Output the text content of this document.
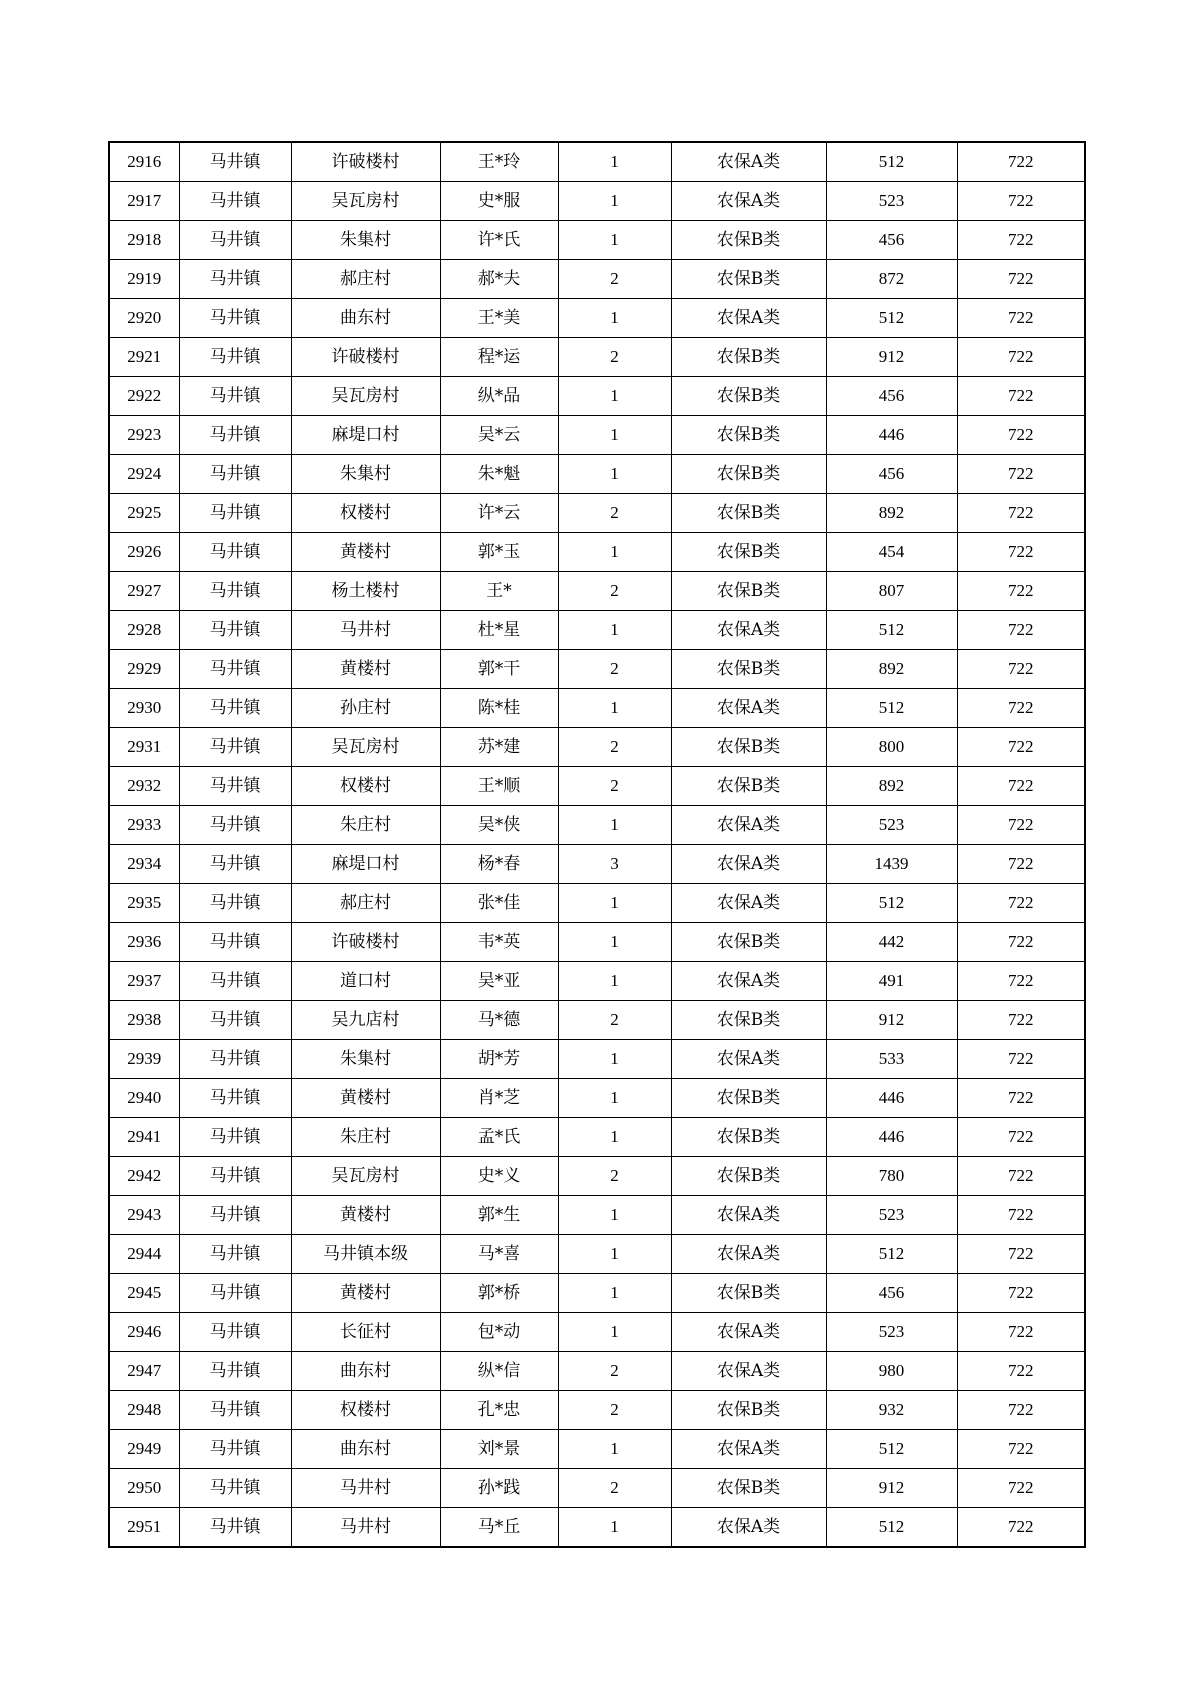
2916	马井镇	许破楼村	王*玲	1	农保A类	512	722
2917	马井镇	吴瓦房村	史*服	1	农保A类	523	722
2918	马井镇	朱集村	许*氏	1	农保B类	456	722
2919	马井镇	郝庄村	郝*夫	2	农保B类	872	722
2920	马井镇	曲东村	王*美	1	农保A类	512	722
2921	马井镇	许破楼村	程*运	2	农保B类	912	722
2922	马井镇	吴瓦房村	纵*品	1	农保B类	456	722
2923	马井镇	麻堤口村	吴*云	1	农保B类	446	722
2924	马井镇	朱集村	朱*魁	1	农保B类	456	722
2925	马井镇	权楼村	许*云	2	农保B类	892	722
2926	马井镇	黄楼村	郭*玉	1	农保B类	454	722
2927	马井镇	杨土楼村	王*	2	农保B类	807	722
2928	马井镇	马井村	杜*星	1	农保A类	512	722
2929	马井镇	黄楼村	郭*干	2	农保B类	892	722
2930	马井镇	孙庄村	陈*桂	1	农保A类	512	722
2931	马井镇	吴瓦房村	苏*建	2	农保B类	800	722
2932	马井镇	权楼村	王*顺	2	农保B类	892	722
2933	马井镇	朱庄村	吴*侠	1	农保A类	523	722
2934	马井镇	麻堤口村	杨*春	3	农保A类	1439	722
2935	马井镇	郝庄村	张*佳	1	农保A类	512	722
2936	马井镇	许破楼村	韦*英	1	农保B类	442	722
2937	马井镇	道口村	吴*亚	1	农保A类	491	722
2938	马井镇	吴九店村	马*德	2	农保B类	912	722
2939	马井镇	朱集村	胡*芳	1	农保A类	533	722
2940	马井镇	黄楼村	肖*芝	1	农保B类	446	722
2941	马井镇	朱庄村	孟*氏	1	农保B类	446	722
2942	马井镇	吴瓦房村	史*义	2	农保B类	780	722
2943	马井镇	黄楼村	郭*生	1	农保A类	523	722
2944	马井镇	马井镇本级	马*喜	1	农保A类	512	722
2945	马井镇	黄楼村	郭*桥	1	农保B类	456	722
2946	马井镇	长征村	包*动	1	农保A类	523	722
2947	马井镇	曲东村	纵*信	2	农保A类	980	722
2948	马井镇	权楼村	孔*忠	2	农保B类	932	722
2949	马井镇	曲东村	刘*景	1	农保A类	512	722
2950	马井镇	马井村	孙*践	2	农保B类	912	722
2951	马井镇	马井村	马*丘	1	农保A类	512	722
